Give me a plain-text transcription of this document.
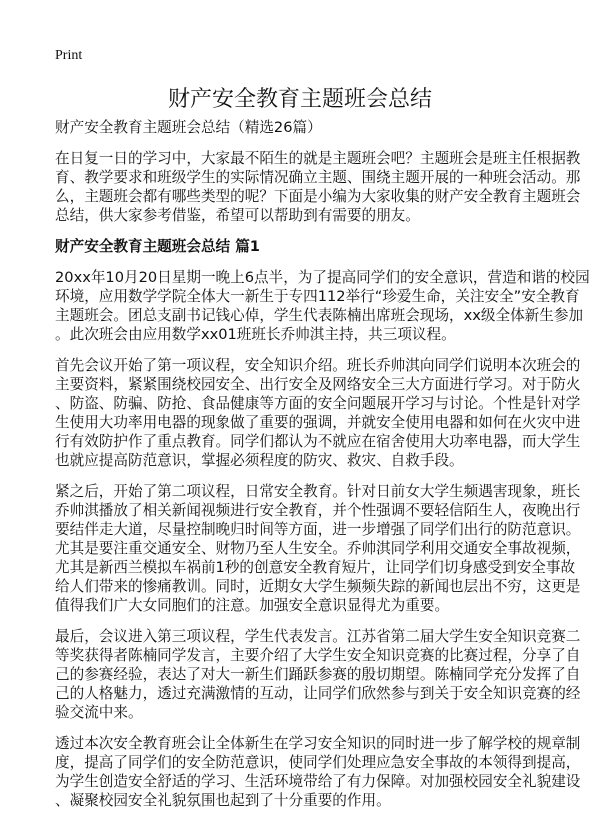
Print
财产安全教育主题班会总结
财产安全教育主题班会总结（精选26篇）
在日复一日的学习中，大家最不陌生的就是主题班会吧？主题班会是班主任根据教
育、教学要求和班级学生的实际情况确立主题、围绕主题开展的一种班会活动。那
么，主题班会都有哪些类型的呢？下面是小编为大家收集的财产安全教育主题班会
总结，供大家参考借鉴，希望可以帮助到有需要的朋友。
财产安全教育主题班会总结 篇1
20xx年10月20日星期一晚上6点半，为了提高同学们的安全意识，营造和谐的校园
环境，应用数学学院全体大一新生于专四112举行“珍爱生命，关注安全”安全教育
主题班会。团总支副书记钱心倬，学生代表陈楠出席班会现场，xx级全体新生参加
。此次班会由应用数学xx01班班长乔帅淇主持，共三项议程。
首先会议开始了第一项议程，安全知识介绍。班长乔帅淇向同学们说明本次班会的
主要资料，紧紧围绕校园安全、出行安全及网络安全三大方面进行学习。对于防火
、防盗、防骗、防抢、食品健康等方面的安全问题展开学习与讨论。个性是针对学
生使用大功率用电器的现象做了重要的强调，并就安全使用电器和如何在火灾中进
行有效防护作了重点教育。同学们都认为不就应在宿舍使用大功率电器，而大学生
也就应提高防范意识，掌握必须程度的防灾、救灾、自救手段。
紧之后，开始了第二项议程，日常安全教育。针对日前女大学生频遇害现象，班长
乔帅淇播放了相关新闻视频进行安全教育，并个性强调不要轻信陌生人，夜晚出行
要结伴走大道，尽量控制晚归时间等方面，进一步增强了同学们出行的防范意识。
尤其是要注重交通安全、财物乃至人生安全。乔帅淇同学利用交通安全事故视频，
尤其是新西兰模拟车祸前1秒的创意安全教育短片，让同学们切身感受到安全事故
给人们带来的惨痛教训。同时，近期女大学生频频失踪的新闻也层出不穷，这更是
值得我们广大女同胞们的注意。加强安全意识显得尤为重要。
最后，会议进入第三项议程，学生代表发言。江苏省第二届大学生安全知识竞赛二
等奖获得者陈楠同学发言，主要介绍了大学生安全知识竞赛的比赛过程，分享了自
己的参赛经验，表达了对大一新生们踊跃参赛的殷切期望。陈楠同学充分发挥了自
己的人格魅力，透过充满激情的互动，让同学们欣然参与到关于安全知识竞赛的经
验交流中来。
透过本次安全教育班会让全体新生在学习安全知识的同时进一步了解学校的规章制
度，提高了同学们的安全防范意识，使同学们处理应急安全事故的本领得到提高，
为学生创造安全舒适的学习、生活环境带给了有力保障。对加强校园安全礼貌建设
、凝聚校园安全礼貌氛围也起到了十分重要的作用。
